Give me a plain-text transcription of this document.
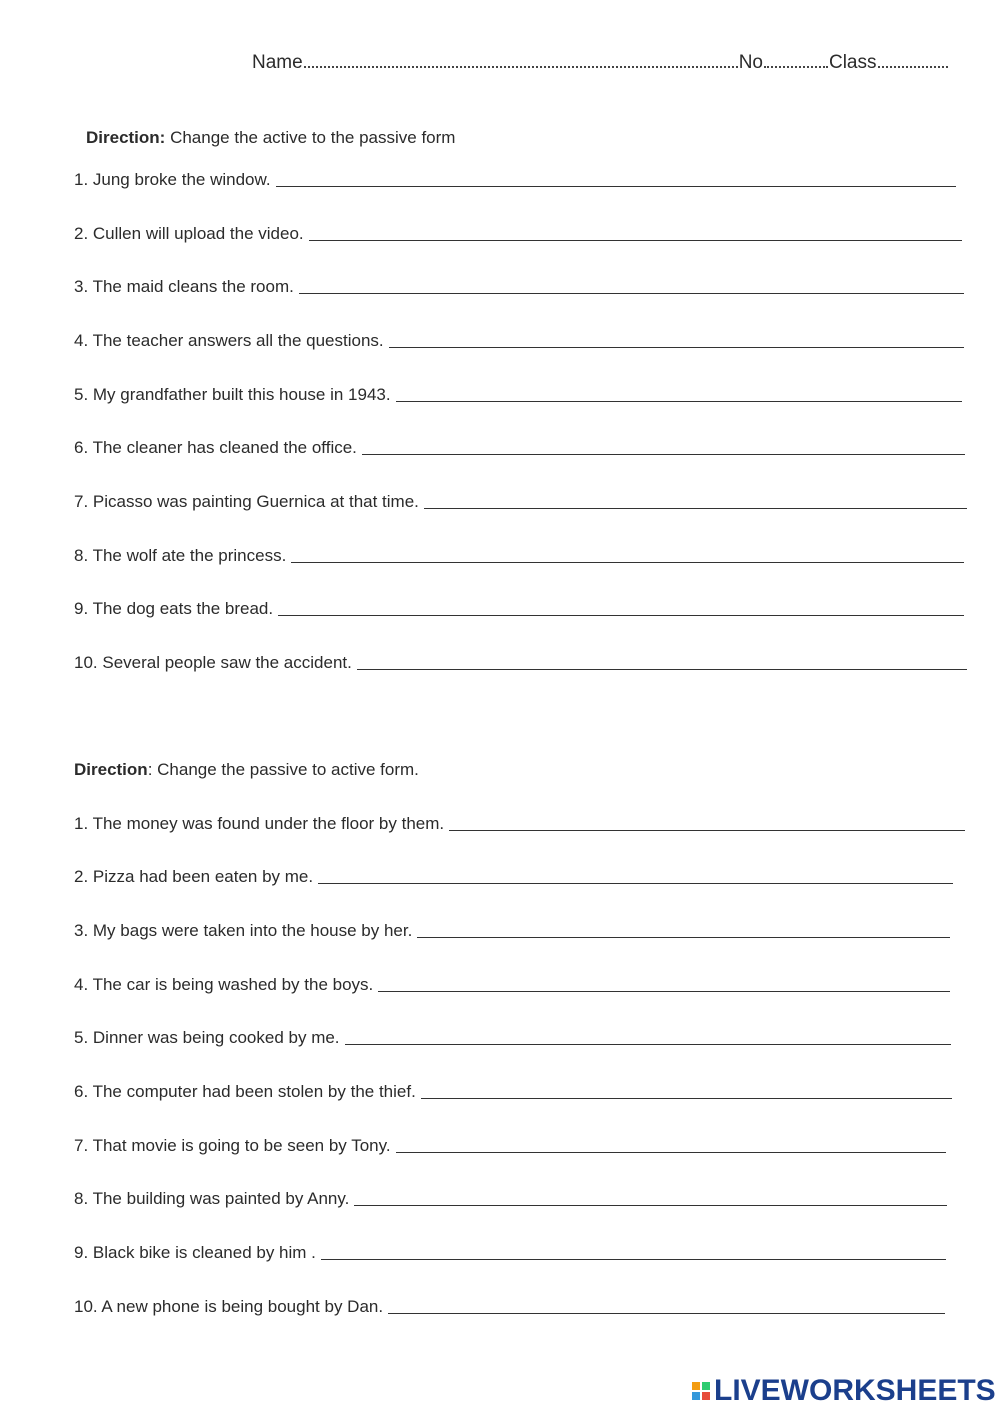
Name	No	Class
Direction: Change the active to the passive form
1. Jung broke the window.
2. Cullen will upload the video.
3. The maid cleans the room.
4. The teacher answers all the questions.
5. My grandfather built this house in 1943.
6. The cleaner has cleaned the office.
7. Picasso was painting Guernica at that time.
8. The wolf ate the princess.
9. The dog eats the bread.
10. Several people saw the accident.
Direction: Change the passive to active form.
1. The money was found under the floor by them.
2. Pizza had been eaten by me.
3. My bags were taken into the house by her.
4. The car is being washed by the boys.
5. Dinner was being cooked by me.
6. The computer had been stolen by the thief.
7. That movie is going to be seen by Tony.
8. The building was painted by Anny.
9. Black bike is cleaned by him .
10. A new phone is being bought by Dan.
LIVEWORKSHEETS
